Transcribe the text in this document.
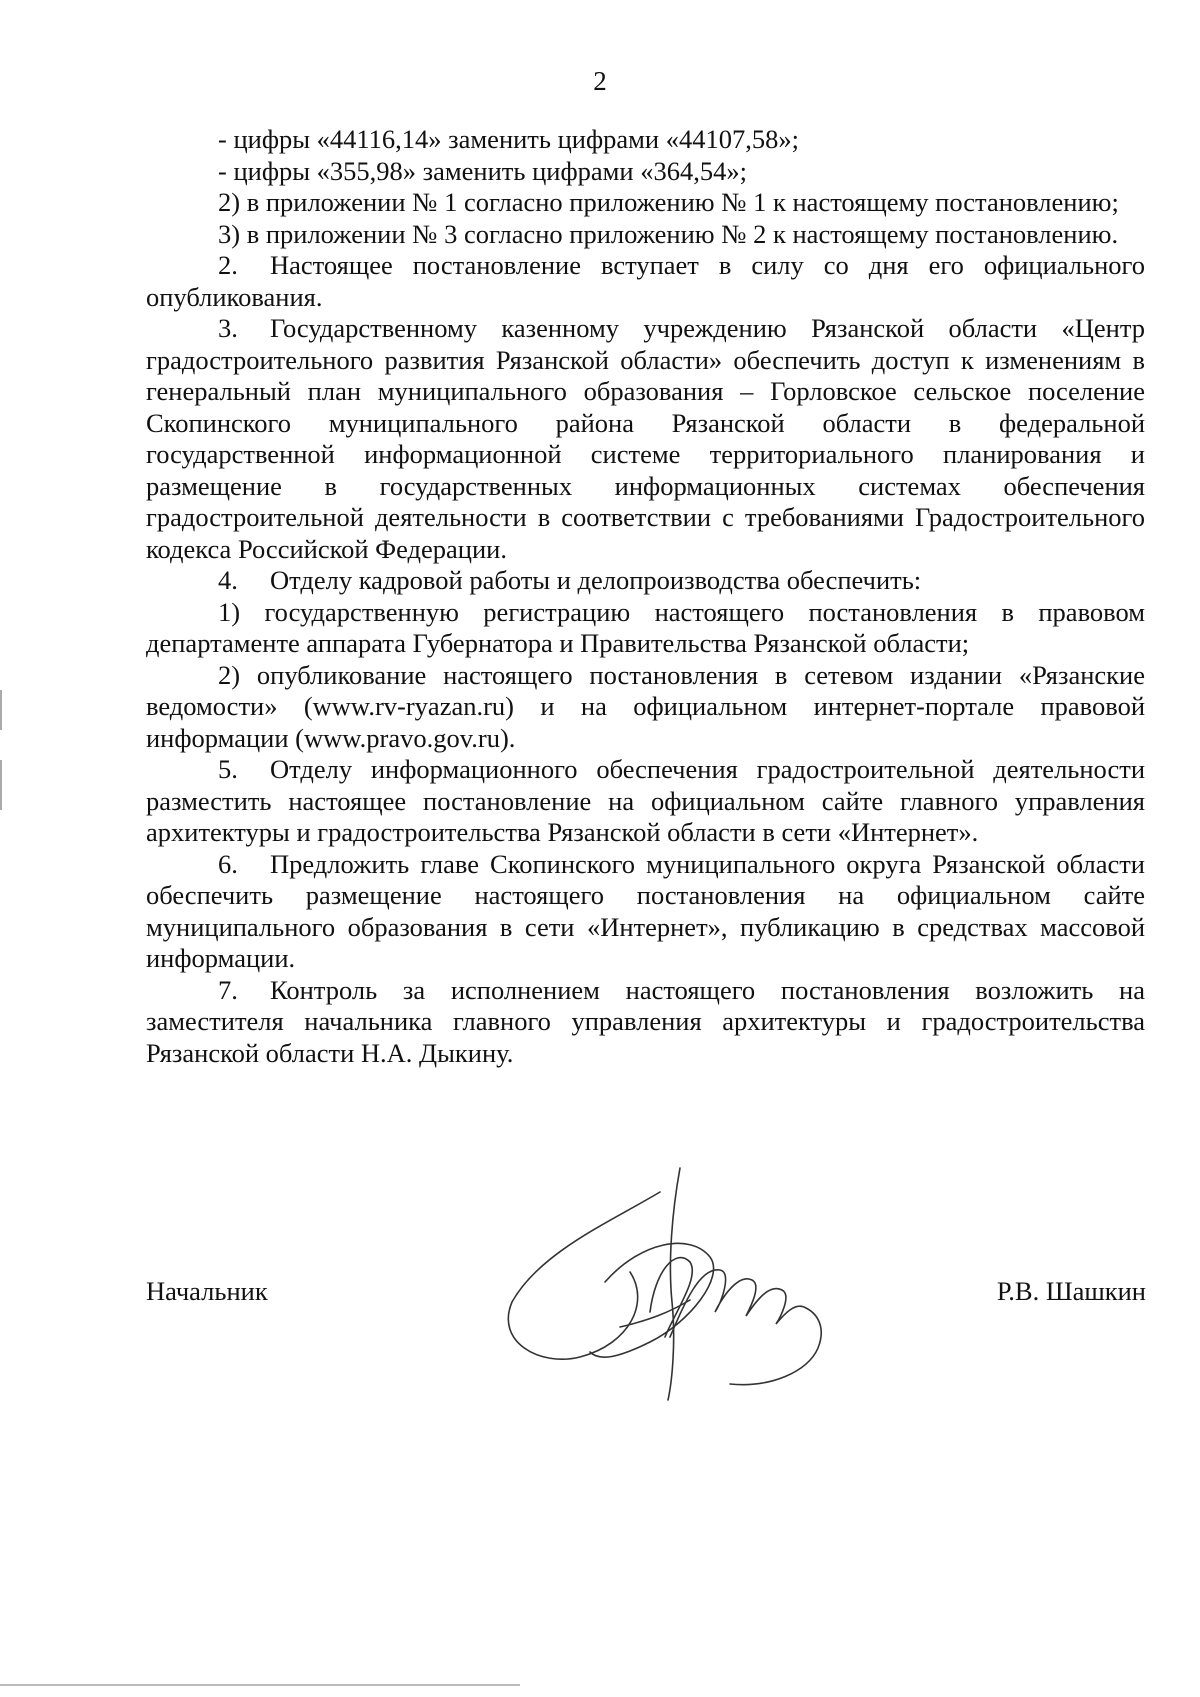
2

- цифры «44116,14» заменить цифрами «44107,58»;

- цифры «355,98» заменить цифрами «364,54»;

2) в приложении № 1 согласно приложению № 1 к настоящему постановлению;

3) в приложении № 3 согласно приложению № 2 к настоящему постановлению.

2. Настоящее постановление вступает в силу со дня его официального опубликования.

3. Государственному казенному учреждению Рязанской области «Центр градостроительного развития Рязанской области» обеспечить доступ к изменениям в генеральный план муниципального образования – Горловское сельское поселение Скопинского муниципального района Рязанской области в федеральной государственной информационной системе территориального планирования и размещение в государственных информационных системах обеспечения градостроительной деятельности в соответствии с требованиями Градостроительного кодекса Российской Федерации.

4. Отделу кадровой работы и делопроизводства обеспечить:

1) государственную регистрацию настоящего постановления в правовом департаменте аппарата Губернатора и Правительства Рязанской области;

2) опубликование настоящего постановления в сетевом издании «Рязанские ведомости» (www.rv-ryazan.ru) и на официальном интернет-портале правовой информации (www.pravo.gov.ru).

5. Отделу информационного обеспечения градостроительной деятельности разместить настоящее постановление на официальном сайте главного управления архитектуры и градостроительства Рязанской области в сети «Интернет».

6. Предложить главе Скопинского муниципального округа Рязанской области обеспечить размещение настоящего постановления на официальном сайте муниципального образования в сети «Интернет», публикацию в средствах массовой информации.

7. Контроль за исполнением настоящего постановления возложить на заместителя начальника главного управления архитектуры и градостроительства Рязанской области Н.А. Дыкину.

Начальник	Р.В. Шашкин
